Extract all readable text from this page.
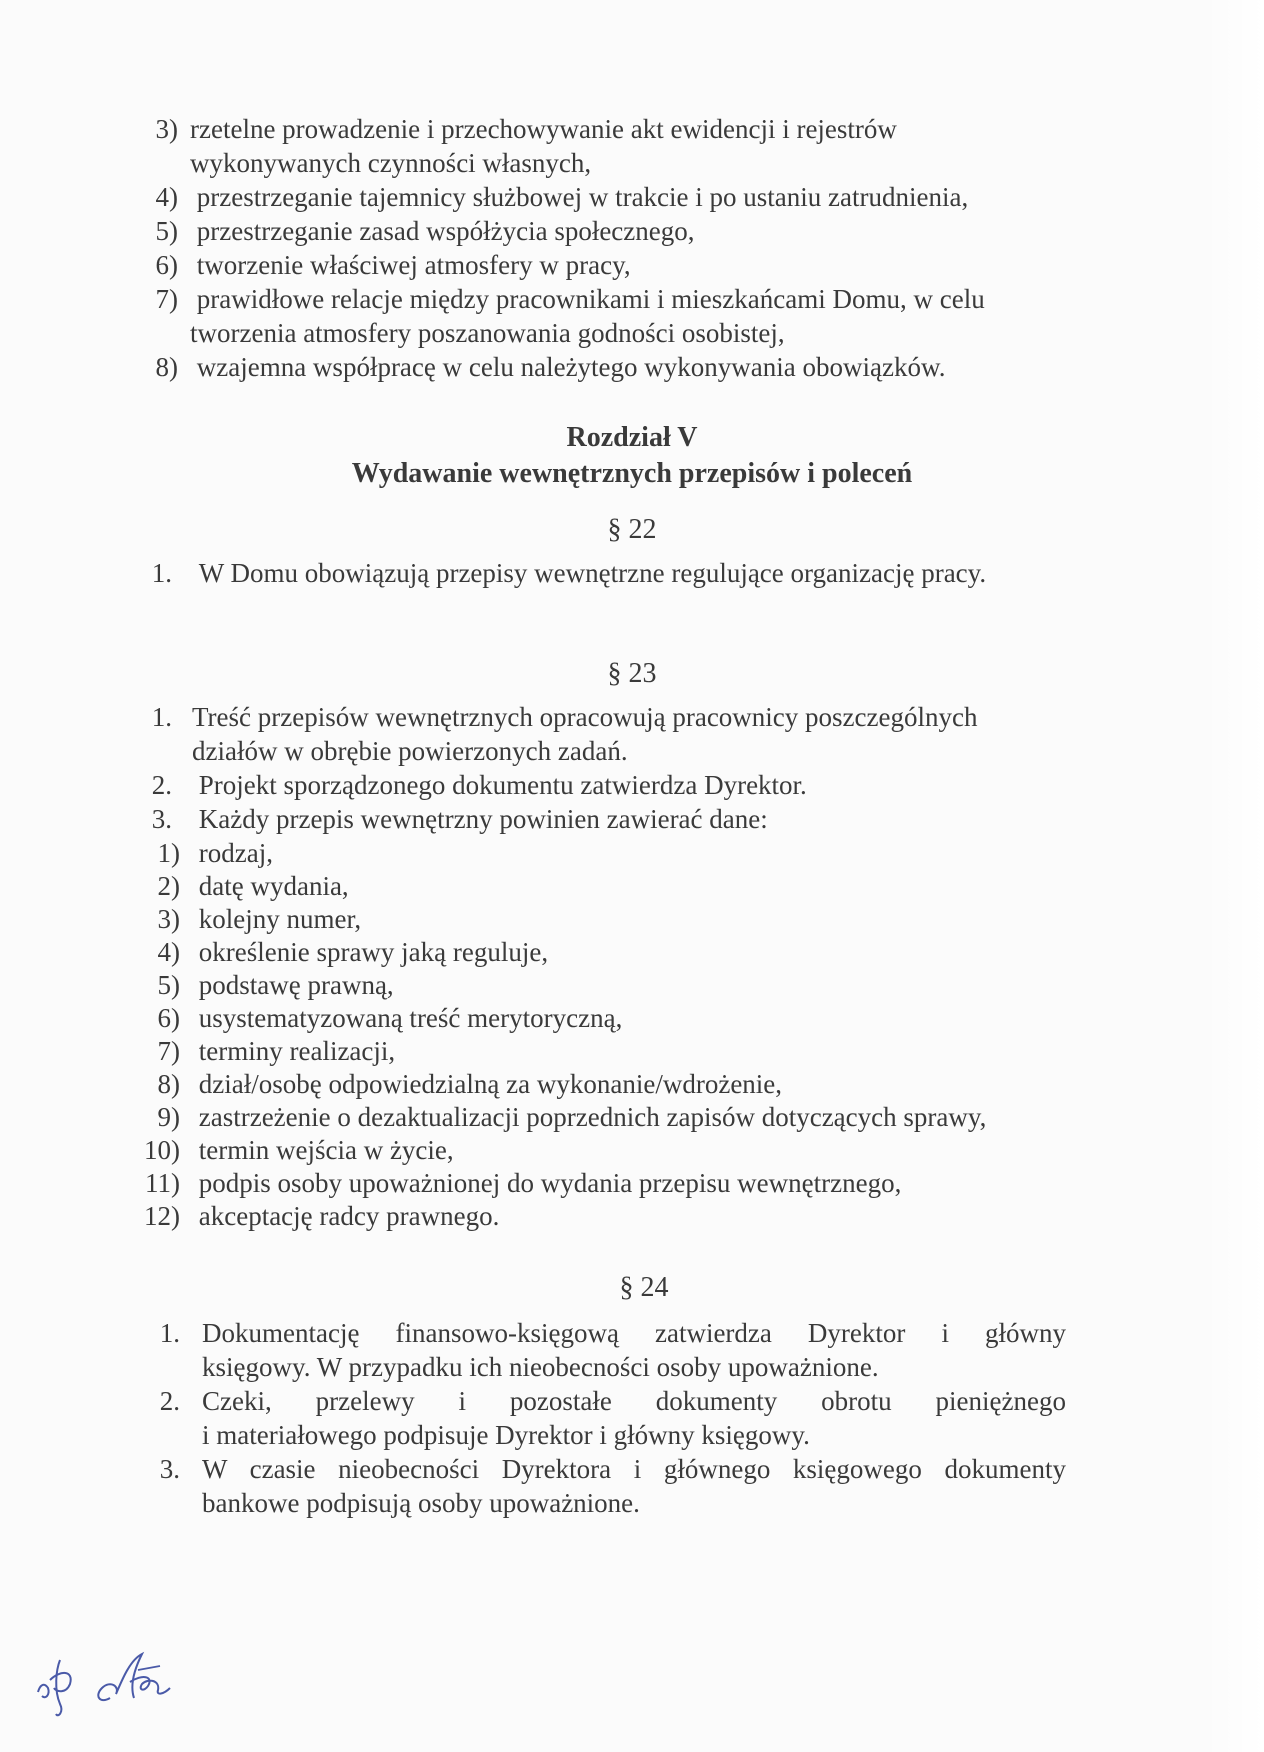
3) rzetelne prowadzenie i przechowywanie akt ewidencji i rejestrów
wykonywanych czynności własnych,
4) przestrzeganie tajemnicy służbowej w trakcie i po ustaniu zatrudnienia,
5) przestrzeganie zasad współżycia społecznego,
6) tworzenie właściwej atmosfery w pracy,
7) prawidłowe relacje między pracownikami i mieszkańcami Domu, w celu
tworzenia atmosfery poszanowania godności osobistej,
8) wzajemna współpracę w celu należytego wykonywania obowiązków.
Rozdział V
Wydawanie wewnętrznych przepisów i poleceń
§ 22
1. W Domu obowiązują przepisy wewnętrzne regulujące organizację pracy.
§ 23
1. Treść przepisów wewnętrznych opracowują pracownicy poszczególnych
działów w obrębie powierzonych zadań.
2. Projekt sporządzonego dokumentu zatwierdza Dyrektor.
3. Każdy przepis wewnętrzny powinien zawierać dane:
1) rodzaj,
2) datę wydania,
3) kolejny numer,
4) określenie sprawy jaką reguluje,
5) podstawę prawną,
6) usystematyzowaną treść merytoryczną,
7) terminy realizacji,
8) dział/osobę odpowiedzialną za wykonanie/wdrożenie,
9) zastrzeżenie o dezaktualizacji poprzednich zapisów dotyczących sprawy,
10) termin wejścia w życie,
11) podpis osoby upoważnionej do wydania przepisu wewnętrznego,
12) akceptację radcy prawnego.
§ 24
1. Dokumentację finansowo-księgową zatwierdza Dyrektor i główny
księgowy. W przypadku ich nieobecności osoby upoważnione.
2. Czeki, przelewy i pozostałe dokumenty obrotu pieniężnego
i materiałowego podpisuje Dyrektor i główny księgowy.
3. W czasie nieobecności Dyrektora i głównego księgowego dokumenty
bankowe podpisują osoby upoważnione.
